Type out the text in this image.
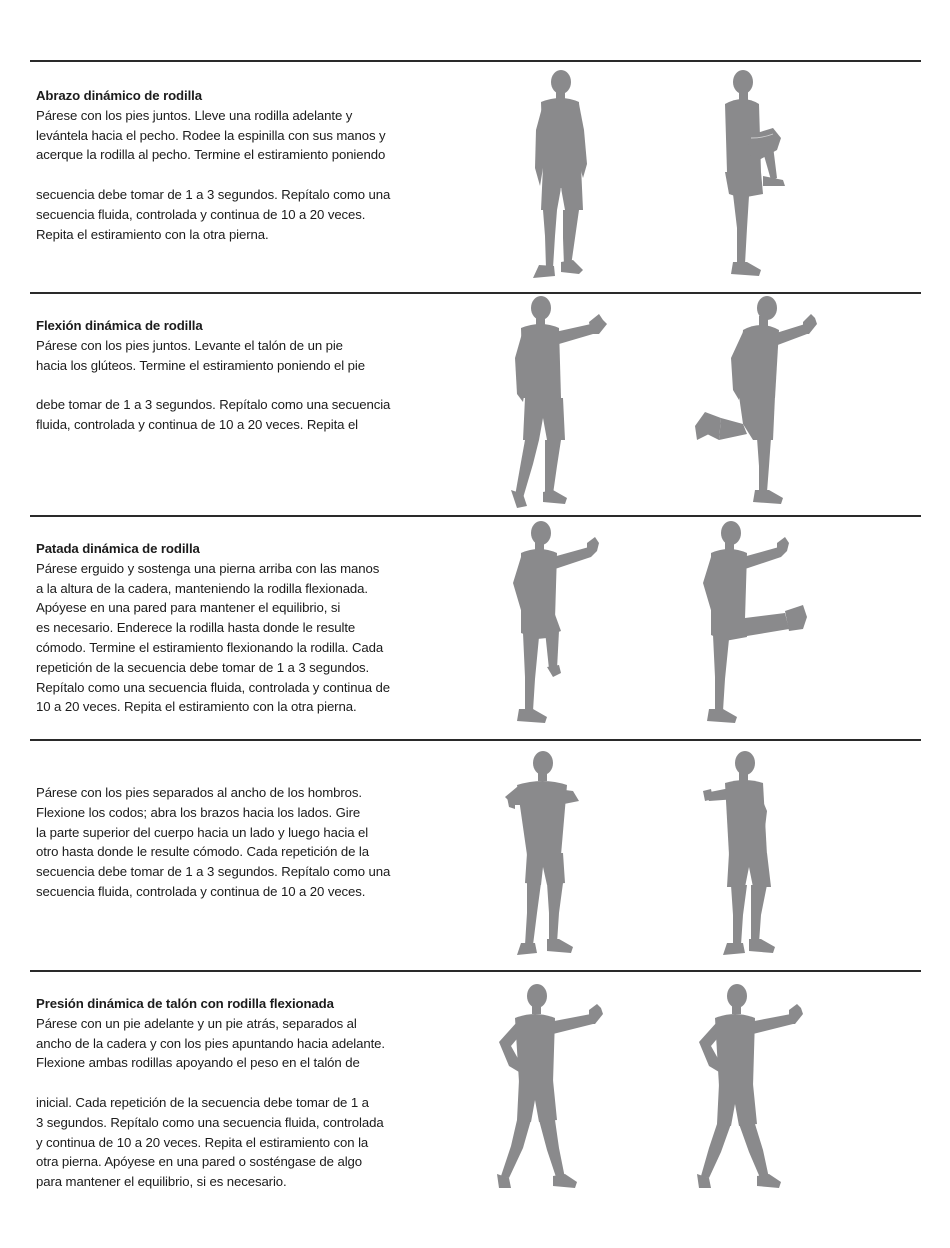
Abrazo dinámico de rodilla
Párese con los pies juntos. Lleve una rodilla adelante y
levántela hacia el pecho. Rodee la espinilla con sus manos y
acerque la rodilla al pecho. Termine el estiramiento poniendo
secuencia debe tomar de 1 a 3 segundos. Repítalo como una
secuencia fluida, controlada y continua de 10 a 20 veces.
Repita el estiramiento con la otra pierna.
Flexión dinámica de rodilla
Párese con los pies juntos. Levante el talón de un pie
hacia los glúteos. Termine el estiramiento poniendo el pie
debe tomar de 1 a 3 segundos. Repítalo como una secuencia
fluida, controlada y continua de 10 a 20 veces. Repita el
Patada dinámica de rodilla
Párese erguido y sostenga una pierna arriba con las manos
a la altura de la cadera, manteniendo la rodilla flexionada.
Apóyese en una pared para mantener el equilibrio, si
es necesario. Enderece la rodilla hasta donde le resulte
cómodo. Termine el estiramiento flexionando la rodilla. Cada
repetición de la secuencia debe tomar de 1 a 3 segundos.
Repítalo como una secuencia fluida, controlada y continua de
10 a 20 veces. Repita el estiramiento con la otra pierna.
Párese con los pies separados al ancho de los hombros.
Flexione los codos; abra los brazos hacia los lados. Gire
la parte superior del cuerpo hacia un lado y luego hacia el
otro hasta donde le resulte cómodo. Cada repetición de la
secuencia debe tomar de 1 a 3 segundos. Repítalo como una
secuencia fluida, controlada y continua de 10 a 20 veces.
Presión dinámica de talón con rodilla flexionada
Párese con un pie adelante y un pie atrás, separados al
ancho de la cadera y con los pies apuntando hacia adelante.
Flexione ambas rodillas apoyando el peso en el talón de
inicial. Cada repetición de la secuencia debe tomar de 1 a
3 segundos. Repítalo como una secuencia fluida, controlada
y continua de 10 a 20 veces. Repita el estiramiento con la
otra pierna. Apóyese en una pared o sosténgase de algo
para mantener el equilibrio, si es necesario.
